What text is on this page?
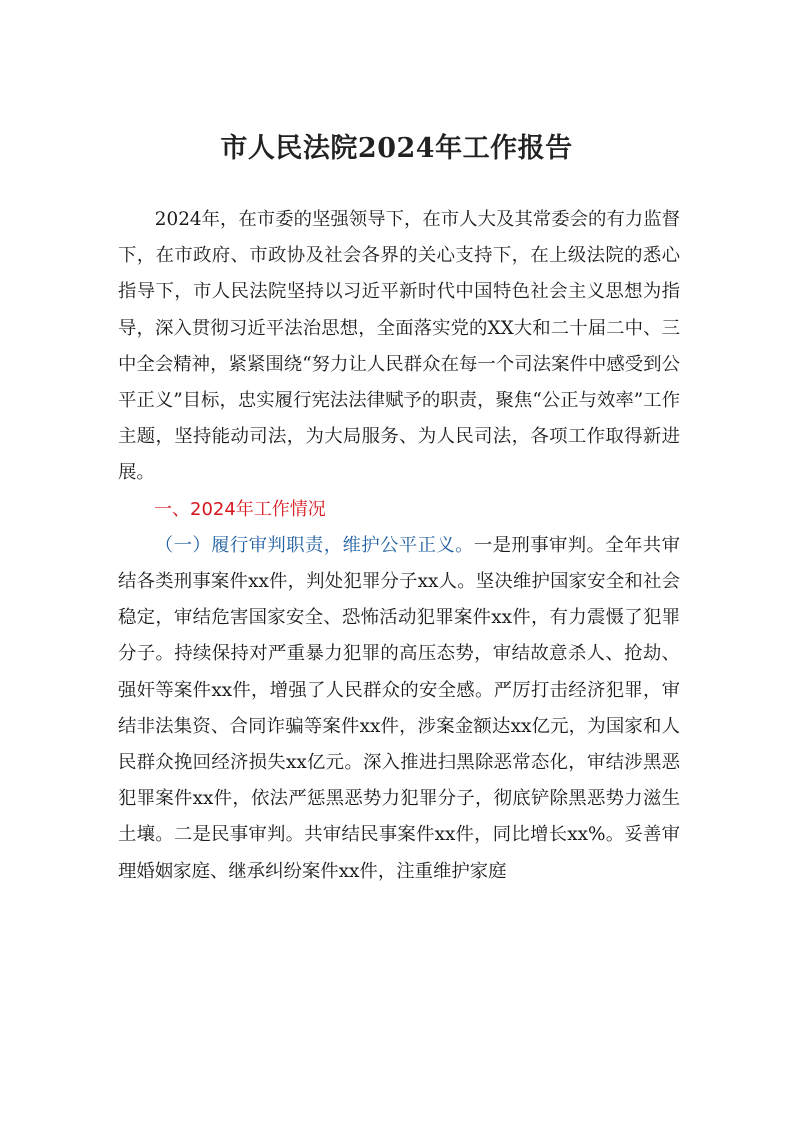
市人民法院2024年工作报告

2024年，在市委的坚强领导下，在市人大及其常委会的有力监督下，在市政府、市政协及社会各界的关心支持下，在上级法院的悉心指导下，市人民法院坚持以习近平新时代中国特色社会主义思想为指导，深入贯彻习近平法治思想，全面落实党的XX大和二十届二中、三中全会精神，紧紧围绕“努力让人民群众在每一个司法案件中感受到公平正义”目标，忠实履行宪法法律赋予的职责，聚焦“公正与效率”工作主题，坚持能动司法，为大局服务、为人民司法，各项工作取得新进展。

一、2024年工作情况

（一）履行审判职责，维护公平正义。一是刑事审判。全年共审结各类刑事案件xx件，判处犯罪分子xx人。坚决维护国家安全和社会稳定，审结危害国家安全、恐怖活动犯罪案件xx件，有力震慑了犯罪分子。持续保持对严重暴力犯罪的高压态势，审结故意杀人、抢劫、强奸等案件xx件，增强了人民群众的安全感。严厉打击经济犯罪，审结非法集资、合同诈骗等案件xx件，涉案金额达xx亿元，为国家和人民群众挽回经济损失xx亿元。深入推进扫黑除恶常态化，审结涉黑恶犯罪案件xx件，依法严惩黑恶势力犯罪分子，彻底铲除黑恶势力滋生土壤。二是民事审判。共审结民事案件xx件，同比增长xx%。妥善审理婚姻家庭、继承纠纷案件xx件，注重维护家庭
